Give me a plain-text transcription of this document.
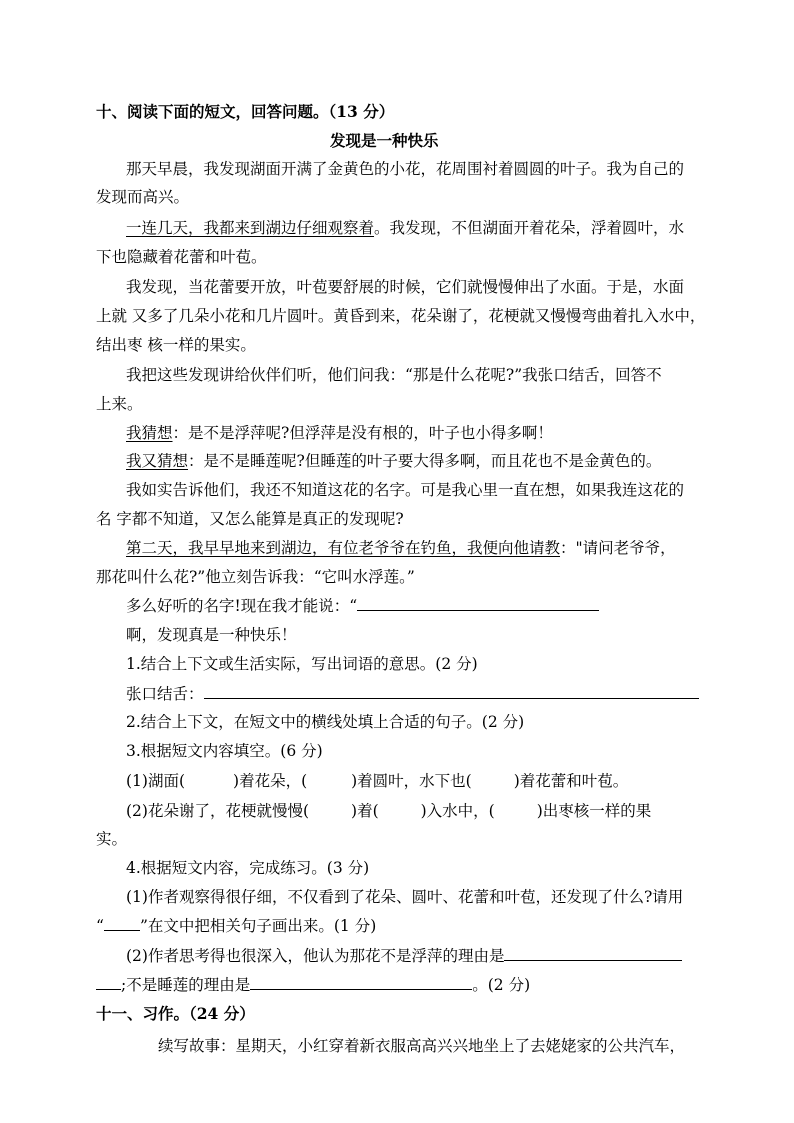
十、阅读下面的短文，回答问题。（13 分）
发现是一种快乐
那天早晨，我发现湖面开满了金黄色的小花，花周围衬着圆圆的叶子。我为自己的
发现而高兴。
一连几天，我都来到湖边仔细观察着。我发现，不但湖面开着花朵，浮着圆叶，水
下也隐藏着花蕾和叶苞。
我发现，当花蕾要开放，叶苞要舒展的时候，它们就慢慢伸出了水面。于是，水面
上就 又多了几朵小花和几片圆叶。黄昏到来，花朵谢了，花梗就又慢慢弯曲着扎入水中，
结出枣 核一样的果实。
我把这些发现讲给伙伴们听，他们问我：“那是什么花呢?”我张口结舌，回答不
上来。
我猜想：是不是浮萍呢?但浮萍是没有根的，叶子也小得多啊！
我又猜想：是不是睡莲呢?但睡莲的叶子要大得多啊，而且花也不是金黄色的。
我如实告诉他们，我还不知道这花的名字。可是我心里一直在想，如果我连这花的
名 字都不知道，又怎么能算是真正的发现呢?
第二天，我早早地来到湖边，有位老爷爷在钓鱼，我便向他请教："请问老爷爷，
那花叫什么花?”他立刻告诉我：“它叫水浮莲。”
多么好听的名字!现在我才能说：“
啊，发现真是一种快乐！
1.结合上下文或生活实际，写出词语的意思。(2 分)
张口结舌：
2.结合上下文，在短文中的横线处填上合适的句子。(2 分)
3.根据短文内容填空。(6 分)
(1)湖面(	)着花朵，(	)着圆叶，水下也(	)着花蕾和叶苞。
(2)花朵谢了，花梗就慢慢(	)着(	)入水中，(	)出枣核一样的果
实。
4.根据短文内容，完成练习。(3 分)
(1)作者观察得很仔细，不仅看到了花朵、圆叶、花蕾和叶苞，还发现了什么?请用
“ ”在文中把相关句子画出来。(1 分)
(2)作者思考得也很深入，他认为那花不是浮萍的理由是
;不是睡莲的理由是	。(2 分)
十一、习作。（24 分）
续写故事：星期天，小红穿着新衣服高高兴兴地坐上了去姥姥家的公共汽车，
